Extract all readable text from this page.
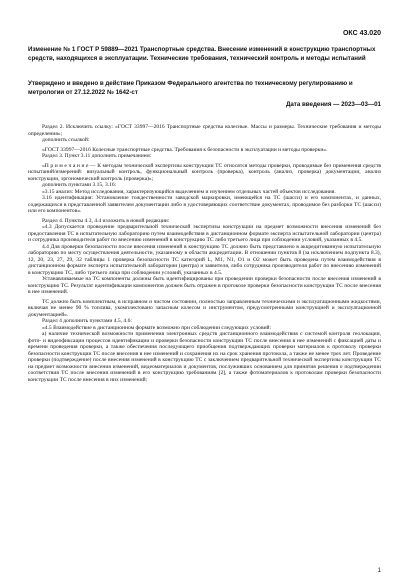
ОКС 43.020
Изменение № 1 ГОСТ Р 59889—2021 Транспортные средства. Внесение изменений в конструкцию транспортных средств, находящихся в эксплуатации. Технические требования, технический контроль и методы испытаний
Утверждено и введено в действие Приказом Федерального агентства по техническому регулированию и метрологии от 27.12.2022 № 1642-ст
Дата введения — 2023—03—01

Раздел 2. Исключить ссылку: «ГОСТ 33997—2016 Транспортные средства колесные. Массы и размеры. Технические требования и методы определения»;

дополнить ссылкой:

«ГОСТ 33997—2016 Колесные транспортные средства. Требования к безопасности в эксплуатации и методы проверки».

Раздел 3. Пункт 3.11 дополнить примечанием:

«П р и м е ч а н и е — К методам технической экспертизы конструкции ТС относятся методы проверки, проводимые без применения средств испытаний/измерений: визуальный контроль, функциональный контроль (проверка), контроль (анализ, проверка) документации, анализ конструкции, эргономический контроль (проверка)»;

дополнить пунктами 3.15, 3.16:

«3.15 анализ: Метод исследования, характеризующийся выделением и изучением отдельных частей объектов исследования.

3.16 идентификация: Установление тождественности заводской маркировки, имеющейся на ТС (шасси) и его компонентах, и данных, содержащихся в представленной заявителем документации либо в удостоверяющих соответствие документах, проводимое без разборки ТС (шасси) или его компонентов».

Раздел 4. Пункты 4.3, 4.4 изложить в новой редакции:

«4.3 Допускается проведение предварительной технической экспертизы конструкции на предмет возможности внесения изменений без предоставления ТС в испытательную лабораторию путем взаимодействия в дистанционном формате эксперта испытательной лаборатории (центра) и сотрудника производителя работ по внесению изменений в конструкцию ТС либо третьего лица при соблюдении условий, указанных в 4.5.

4.4 Для проверки безопасности после внесения изменений в конструкцию ТС должно быть представлено в аккредитованную испытательную лабораторию по месту осуществления деятельности, указанному в области аккредитации. В отношении пунктов 8 (за исключением подпункта 8.3), 12, 20, 23, 27, 29, 32 таблицы 1 проверка безопасности ТС категорий L, M1, N1, O1 и O2 может быть проведена путем взаимодействия в дистанционном формате эксперта испытательной лаборатории (центра) и заявителя, либо сотрудника производителя работ по внесению изменений в конструкцию ТС, либо третьего лица при соблюдении условий, указанных в 4.5.

Устанавливаемые на ТС компоненты должны быть идентифицированы при проведении проверки безопасности после внесения изменений в конструкцию ТС. Результат идентификации компонентов должен быть отражен в протоколе проверки безопасности конструкции ТС после внесения в нее изменений.

ТС должно быть комплектным, в исправном и чистом состоянии, полностью заправленным техническими и эксплуатационными жидкостями, включая не менее 90 % топлива, укомплектовано запасным колесом и инструментом, предусмотренными конструкцией и эксплуатационной документацией».

Раздел 4 дополнить пунктами 4.5, 4.6:

«4.5 Взаимодействие в дистанционном формате возможно при соблюдении следующих условий:

а) наличие технической возможности применения электронных средств дистанционного взаимодействия с системой контроля геолокации, фото- и видеофиксации процессов идентификации и проверки безопасности конструкции ТС после внесения в нее изменений с фиксацией даты и времени проведения проверки, а также обеспечения последующего приобщения подтверждающих проверки материалов к протоколу проверки безопасности конструкции ТС после внесения в нее изменений и сохранения их на срок хранения протокола, а также не менее трех лет. Проведение проверки (подтверждение) после внесения изменений в конструкцию ТС с заключением предварительной технической экспертизы конструкции ТС на предмет возможности внесения изменений, видеоматериалов и документов, послуживших основанием для принятия решения о подтверждении соответствия ТС после внесения изменений в его конструкцию требованиям [2], а также фотоматериалов к протоколам проверки безопасности конструкции ТС после внесения в них изменений;

1
